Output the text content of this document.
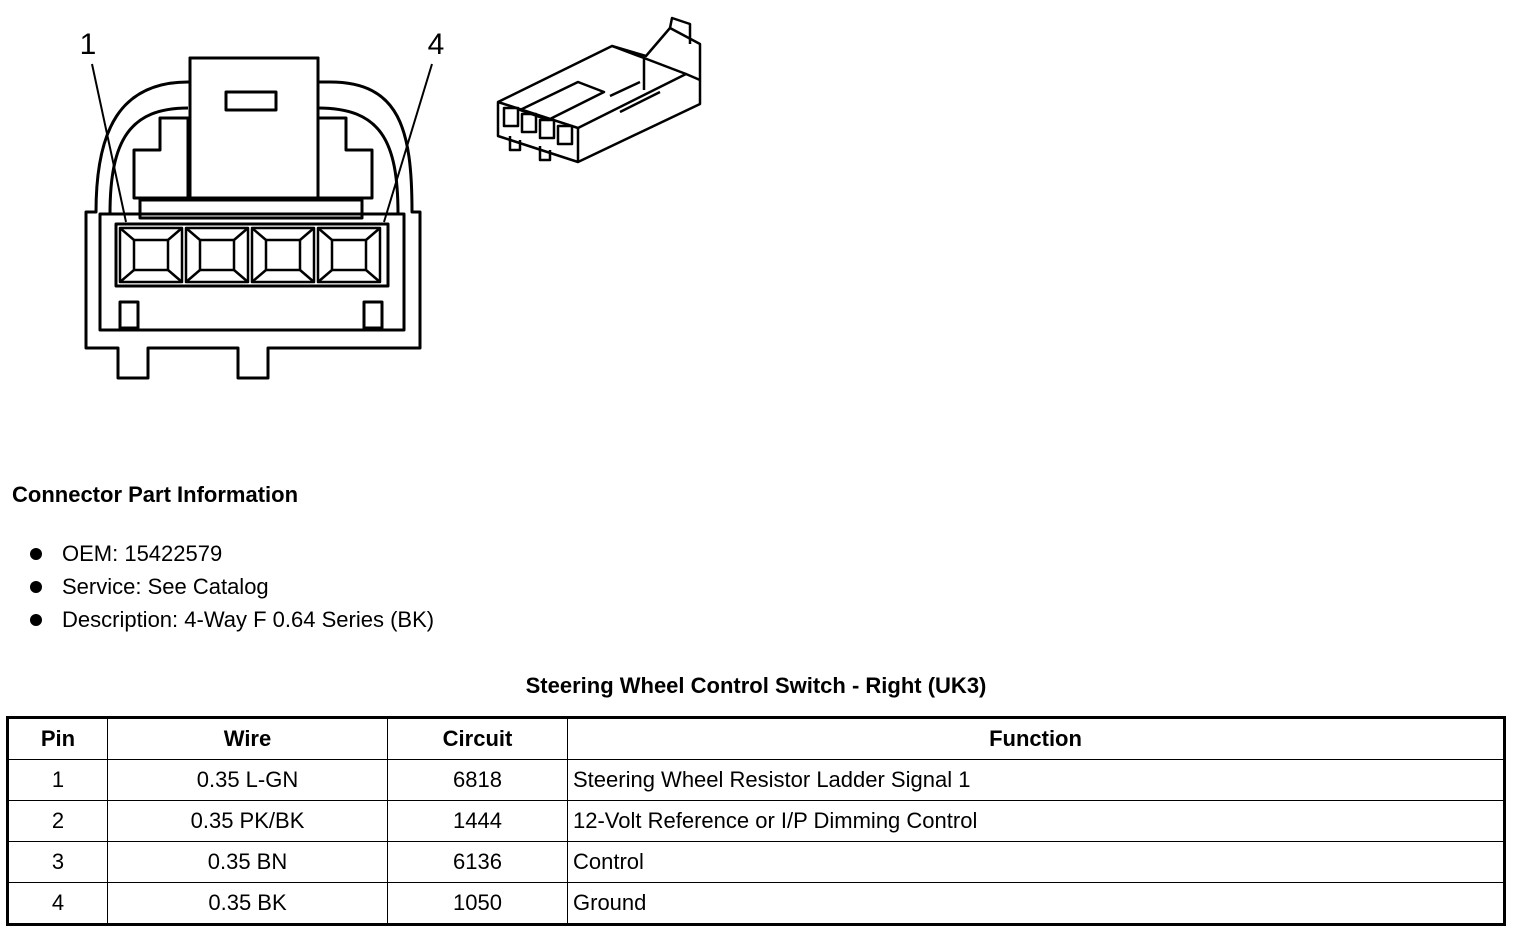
1	4
Connector Part Information
OEM: 15422579
Service: See Catalog
Description: 4-Way F 0.64 Series (BK)
Steering Wheel Control Switch - Right (UK3)
Pin	Wire	Circuit	Function
1	0.35 L-GN	6818	Steering Wheel Resistor Ladder Signal 1
2	0.35 PK/BK	1444	12-Volt Reference or I/P Dimming Control
3	0.35 BN	6136	Control
4	0.35 BK	1050	Ground
